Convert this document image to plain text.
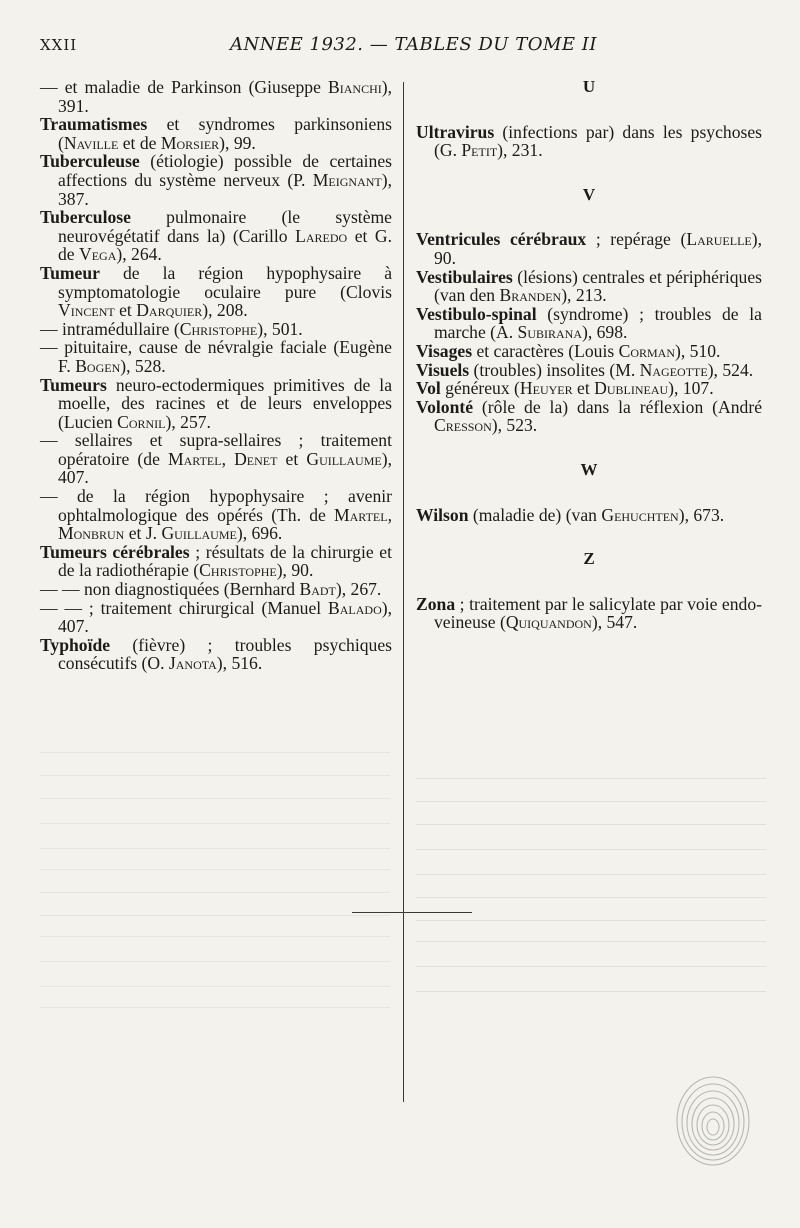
XXII	ANNEE 1932. — TABLES DU TOME II

— et maladie de Parkinson (Giuseppe Bianchi), 391.

Traumatismes et syndromes parkinsoniens (Naville et de Morsier), 99.

Tuberculeuse (étiologie) possible de certaines affections du système nerveux (P. Meignant), 387.

Tuberculose pulmonaire (le système neurovégétatif dans la) (Carillo Laredo et G. de Vega), 264.

Tumeur de la région hypophysaire à symptomatologie oculaire pure (Clovis Vincent et Darquier), 208.

— intramédullaire (Christophe), 501.

— pituitaire, cause de névralgie faciale (Eugène F. Bogen), 528.

Tumeurs neuro-ectodermiques primitives de la moelle, des racines et de leurs enveloppes (Lucien Cornil), 257.

— sellaires et supra-sellaires ; traitement opératoire (de Martel, Denet et Guillaume), 407.

— de la région hypophysaire ; avenir ophtalmologique des opérés (Th. de Martel, Monbrun et J. Guillaume), 696.

Tumeurs cérébrales ; résultats de la chirurgie et de la radiothérapie (Christophe), 90.

— — non diagnostiquées (Bernhard Badt), 267.

— — ; traitement chirurgical (Manuel Balado), 407.

Typhoïde (fièvre) ; troubles psychiques consécutifs (O. Janota), 516.

U

Ultravirus (infections par) dans les psychoses (G. Petit), 231.

V

Ventricules cérébraux ; repérage (Laruelle), 90.

Vestibulaires (lésions) centrales et périphériques (van den Branden), 213.

Vestibulo-spinal (syndrome) ; troubles de la marche (A. Subirana), 698.

Visages et caractères (Louis Corman), 510.

Visuels (troubles) insolites (M. Nageotte), 524.

Vol généreux (Heuyer et Dublineau), 107.

Volonté (rôle de la) dans la réflexion (André Cresson), 523.

W

Wilson (maladie de) (van Gehuchten), 673.

Z

Zona ; traitement par le salicylate par voie endo-veineuse (Quiquandon), 547.
